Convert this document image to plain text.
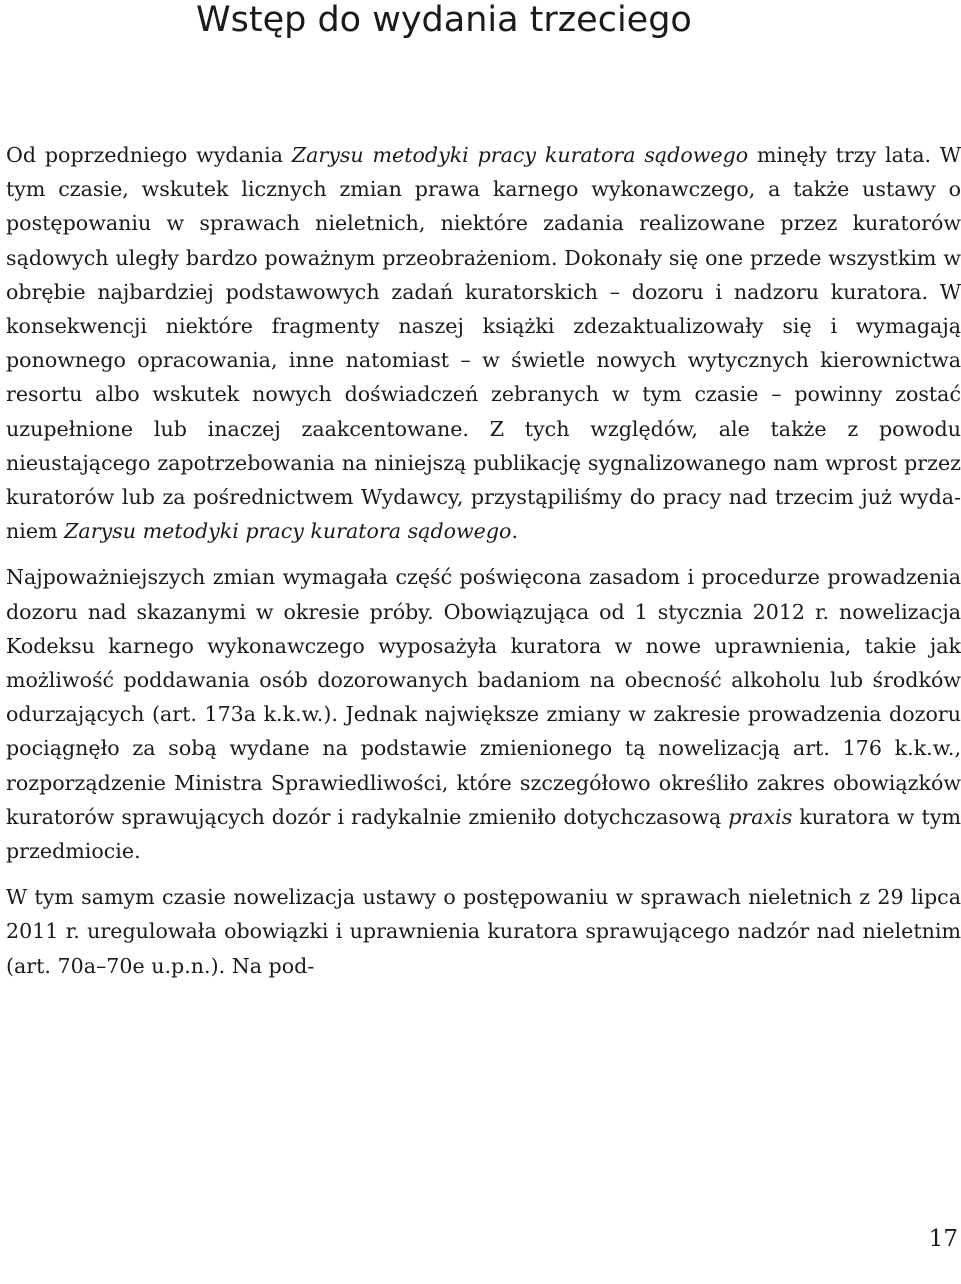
Wstęp do wydania trzeciego

Od poprzedniego wydania Zarysu metodyki pracy kuratora sądowego minęły trzy lata. W tym czasie, wskutek licznych zmian prawa karnego wykonawczego, a także ustawy o postępowaniu w sprawach nieletnich, niektóre zadania realizowane przez kuratorów sądowych uległy bardzo poważnym przeobrażeniom. Dokonały się one przede wszystkim w obrębie najbardziej podstawowych zadań kuratorskich – dozoru i nadzoru kuratora. W konsekwencji niektóre fragmenty naszej książki zdezaktualizowały się i wymagają ponownego opracowania, inne natomiast – w świetle nowych wytycznych kierownictwa resortu albo wskutek nowych doświadczeń zebranych w tym czasie – powinny zostać uzupełnione lub inaczej zaakcentowane. Z tych względów, ale także z powodu nieustającego zapotrzebowania na niniejszą publikację sygnalizowanego nam wprost przez kuratorów lub za pośrednictwem Wydawcy, przystąpiliśmy do pracy nad trzecim już wydaniem Zarysu metodyki pracy kuratora sądowego.

Najpoważniejszych zmian wymagała część poświęcona zasadom i procedurze prowadzenia dozoru nad skazanymi w okresie próby. Obowiązująca od 1 stycznia 2012 r. nowelizacja Kodeksu karnego wykonawczego wyposażyła kuratora w nowe uprawnienia, takie jak możliwość poddawania osób dozorowanych badaniom na obecność alkoholu lub środków odurzających (art. 173a k.k.w.). Jednak największe zmiany w zakresie prowadzenia dozoru pociągnęło za sobą wydane na podstawie zmienionego tą nowelizacją art. 176 k.k.w., rozporządzenie Ministra Sprawiedliwości, które szczegółowo określiło zakres obowiązków kuratorów sprawujących dozór i radykalnie zmieniło dotychczasową praxis kuratora w tym przedmiocie.

W tym samym czasie nowelizacja ustawy o postępowaniu w sprawach nieletnich z 29 lipca 2011 r. uregulowała obowiązki i uprawnienia kuratora sprawującego nadzór nad nieletnim (art. 70a–70e u.p.n.). Na pod-

17
